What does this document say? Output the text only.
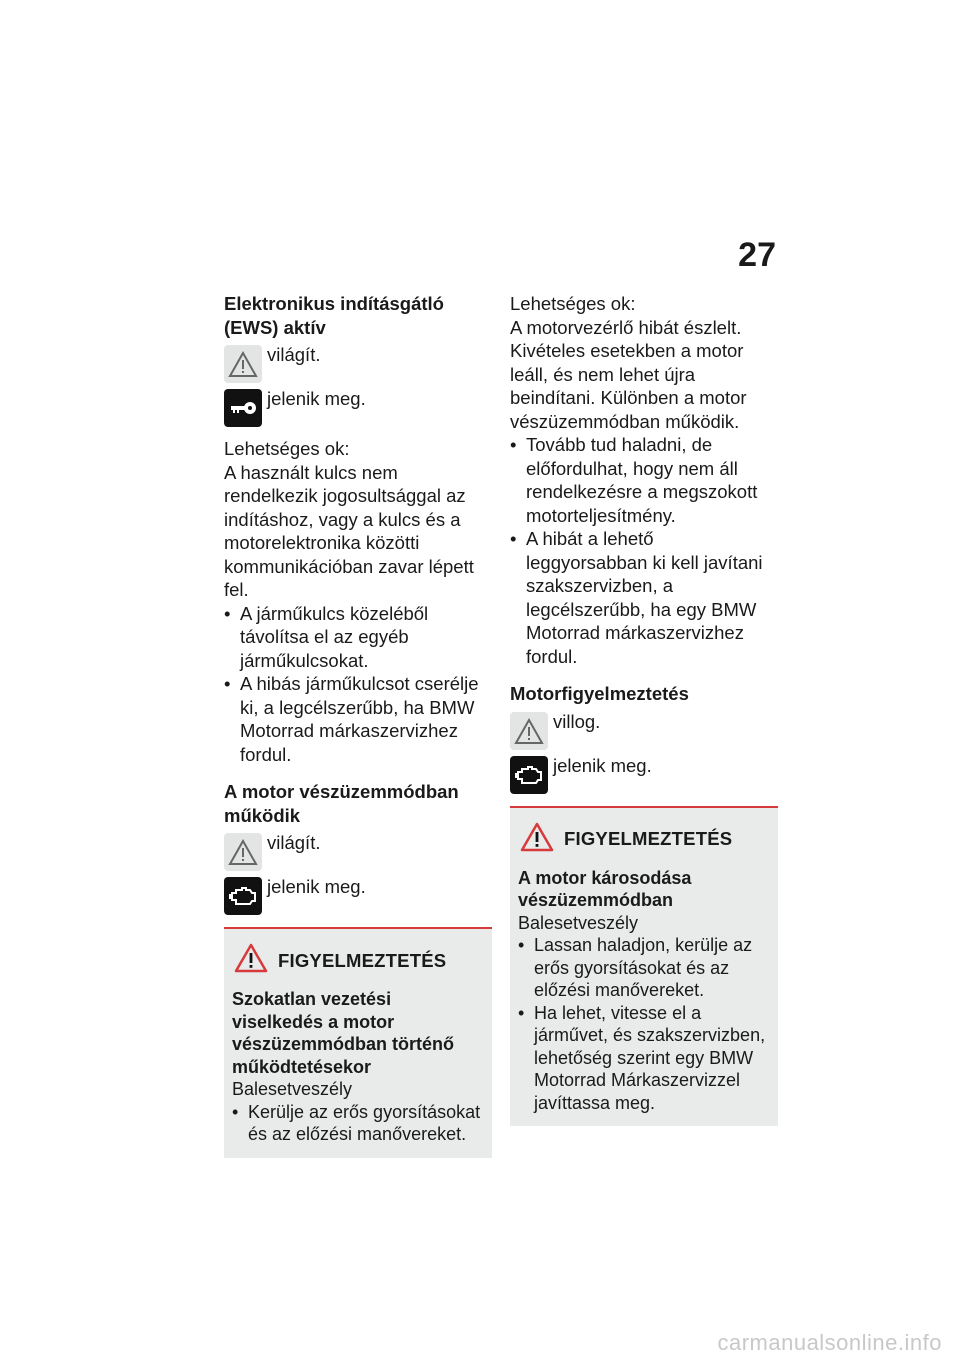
27

Elektronikus indításgátló (EWS) aktív

világít.
jelenik meg.

Lehetséges ok:

A használt kulcs nem rendelkezik jogosultsággal az indításhoz, vagy a kulcs és a motorelektronika közötti kommunikációban zavar lépett fel.

• A járműkulcs közeléből távolítsa el az egyéb járműkulcsokat.
• A hibás járműkulcsot cserélje ki, a legcélszerűbb, ha BMW Motorrad márkaszervizhez fordul.

A motor vészüzemmódban működik

világít.
jelenik meg.
FIGYELMEZTETÉS

Szokatlan vezetési viselkedés a motor vészüzemmódban történő működtetésekor

Balesetveszély

• Kerülje az erős gyorsításokat és az előzési manővereket.

Lehetséges ok:

A motorvezérlő hibát észlelt. Kivételes esetekben a motor leáll, és nem lehet újra beindítani. Különben a motor vészüzemmódban működik.

• Tovább tud haladni, de előfordulhat, hogy nem áll rendelkezésre a megszokott motorteljesítmény.
• A hibát a lehető leggyorsabban ki kell javítani szakszervizben, a legcélszerűbb, ha egy BMW Motorrad márkaszervizhez fordul.

Motorfigyelmeztetés

villog.
jelenik meg.
FIGYELMEZTETÉS

A motor károsodása vészüzemmódban

Balesetveszély

• Lassan haladjon, kerülje az erős gyorsításokat és az előzési manővereket.
• Ha lehet, vitesse el a járművet, és szakszervizben, lehetőség szerint egy BMW Motorrad Márkaszervizzel javíttassa meg.
carmanualsonline.info
